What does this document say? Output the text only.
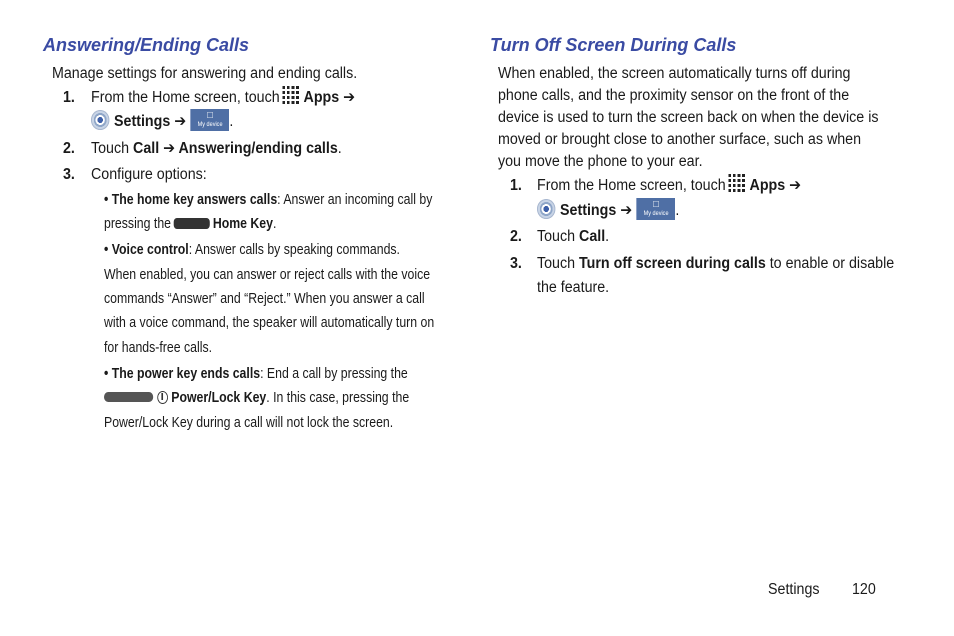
Answering/Ending Calls
Manage settings for answering and ending calls.
1. From the Home screen, touch Apps ➔
Settings ➔	□
My device .
2. Touch Call ➔ Answering/ending calls.
3. Configure options:
• The home key answers calls: Answer an incoming call by
pressing the	Home Key.
• Voice control: Answer calls by speaking commands.
When enabled, you can answer or reject calls with the voice
commands “Answer” and “Reject.” When you answer a call
with a voice command, the speaker will automatically turn on
for hands-free calls.
• The power key ends calls: End a call by pressing the
Power/Lock Key. In this case, pressing the
Power/Lock Key during a call will not lock the screen.
Turn Off Screen During Calls
When enabled, the screen automatically turns off during
phone calls, and the proximity sensor on the front of the
device is used to turn the screen back on when the device is
moved or brought close to another surface, such as when
you move the phone to your ear.
1. From the Home screen, touch Apps ➔
Settings ➔	□
My device .
2. Touch Call.
3. Touch Turn off screen during calls to enable or disable
the feature.
Settings 120
